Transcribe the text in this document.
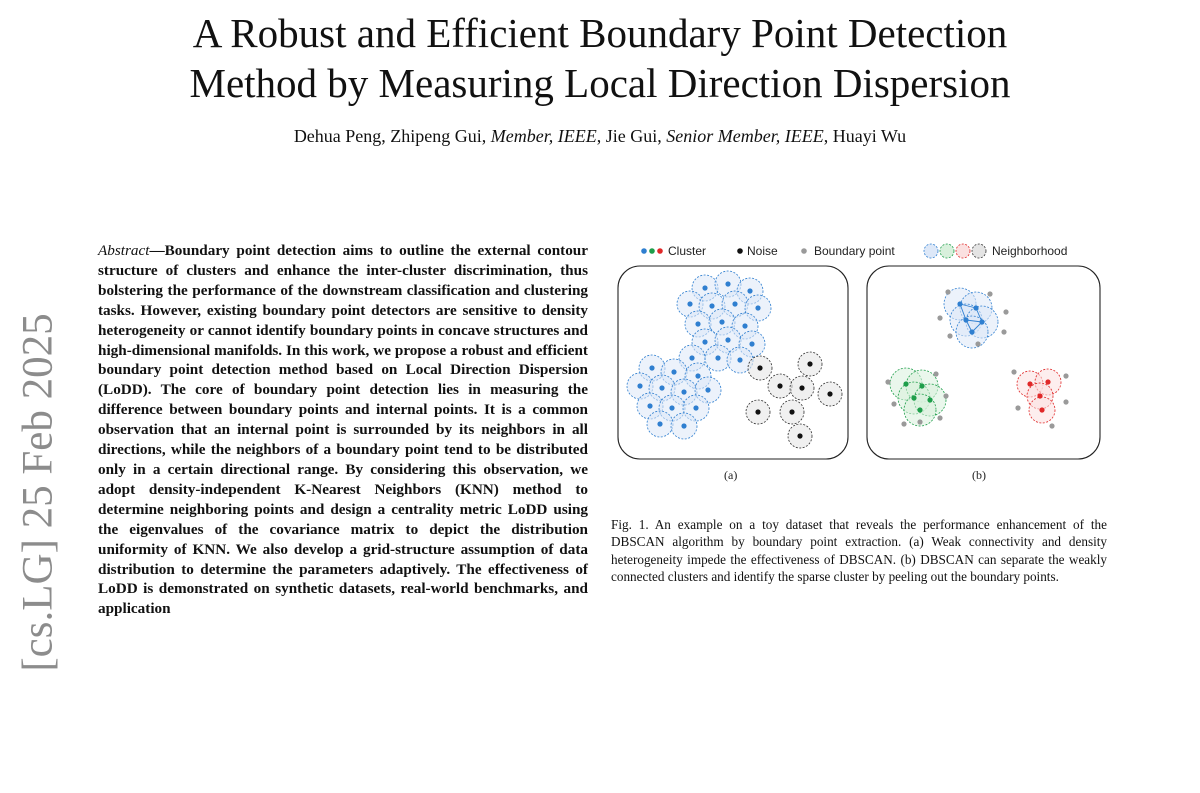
A Robust and Efficient Boundary Point Detection
Method by Measuring Local Direction Dispersion
Dehua Peng, Zhipeng Gui, Member, IEEE, Jie Gui, Senior Member, IEEE, Huayi Wu
[cs.LG] 25 Feb 2025
Abstract—Boundary point detection aims to outline the external contour structure of clusters and enhance the inter-cluster discrimination, thus bolstering the performance of the downstream classification and clustering tasks. However, existing boundary point detectors are sensitive to density heterogeneity or cannot identify boundary points in concave structures and high-dimensional manifolds. In this work, we propose a robust and efficient boundary point detection method based on Local Direction Dispersion (LoDD). The core of boundary point detection lies in measuring the difference between boundary points and internal points. It is a common observation that an internal point is surrounded by its neighbors in all directions, while the neighbors of a boundary point tend to be distributed only in a certain directional range. By considering this observation, we adopt density-independent K-Nearest Neighbors (KNN) method to determine neighboring points and design a centrality metric LoDD using the eigenvalues of the covariance matrix to depict the distribution uniformity of KNN. We also develop a grid-structure assumption of data distribution to determine the parameters adaptively. The effectiveness of LoDD is demonstrated on synthetic datasets, real-world benchmarks, and application
Cluster	Noise	Boundary point	Neighborhood
(a)	(b)
Fig. 1. An example on a toy dataset that reveals the performance enhancement of the DBSCAN algorithm by boundary point extraction. (a) Weak connectivity and density heterogeneity impede the effectiveness of DBSCAN. (b) DBSCAN can separate the weakly connected clusters and identify the sparse cluster by peeling out the boundary points.
